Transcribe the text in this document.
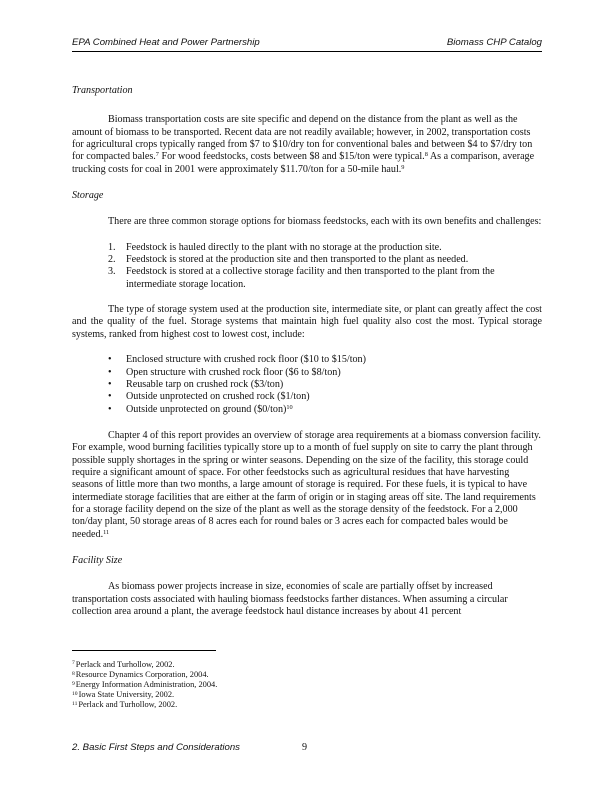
EPA Combined Heat and Power Partnership	Biomass CHP Catalog

Transportation

Biomass transportation costs are site specific and depend on the distance from the plant as well as the amount of biomass to be transported. Recent data are not readily available; however, in 2002, transportation costs for agricultural crops typically ranged from $7 to $10/dry ton for conventional bales and between $4 to $7/dry ton for compacted bales.$^7$ For wood feedstocks, costs between $8 and $15/ton were typical.$^8$ As a comparison, average trucking costs for coal in 2001 were approximately $11.70/ton for a 50-mile haul.$^9$

Storage

There are three common storage options for biomass feedstocks, each with its own benefits and challenges:

1. Feedstock is hauled directly to the plant with no storage at the production site.
2. Feedstock is stored at the production site and then transported to the plant as needed.
3. Feedstock is stored at a collective storage facility and then transported to the plant from the intermediate storage location.

The type of storage system used at the production site, intermediate site, or plant can greatly affect the cost and the quality of the fuel. Storage systems that maintain high fuel quality also cost the most. Typical storage systems, ranked from highest cost to lowest cost, include:

• Enclosed structure with crushed rock floor ($10 to $15/ton)
• Open structure with crushed rock floor ($6 to $8/ton)
• Reusable tarp on crushed rock ($3/ton)
• Outside unprotected on crushed rock ($1/ton)
• Outside unprotected on ground ($0/ton)$^{10}$

Chapter 4 of this report provides an overview of storage area requirements at a biomass conversion facility. For example, wood burning facilities typically store up to a month of fuel supply on site to carry the plant through possible supply shortages in the spring or winter seasons. Depending on the size of the facility, this storage could require a significant amount of space. For other feedstocks such as agricultural residues that have harvesting seasons of little more than two months, a large amount of storage is required. For these fuels, it is typical to have intermediate storage facilities that are either at the farm of origin or in staging areas off site. The land requirements for a storage facility depend on the size of the plant as well as the storage density of the feedstock. For a 2,000 ton/day plant, 50 storage areas of 8 acres each for round bales or 3 acres each for compacted bales would be needed.$^{11}$

Facility Size

As biomass power projects increase in size, economies of scale are partially offset by increased transportation costs associated with hauling biomass feedstocks farther distances. When assuming a circular collection area around a plant, the average feedstock haul distance increases by about 41 percent

$^7$Perlack and Turhollow, 2002.
$^8$Resource Dynamics Corporation, 2004.
$^9$Energy Information Administration, 2004.
$^{10}$Iowa State University, 2002.
$^{11}$Perlack and Turhollow, 2002.
2. Basic First Steps and Considerations	9
